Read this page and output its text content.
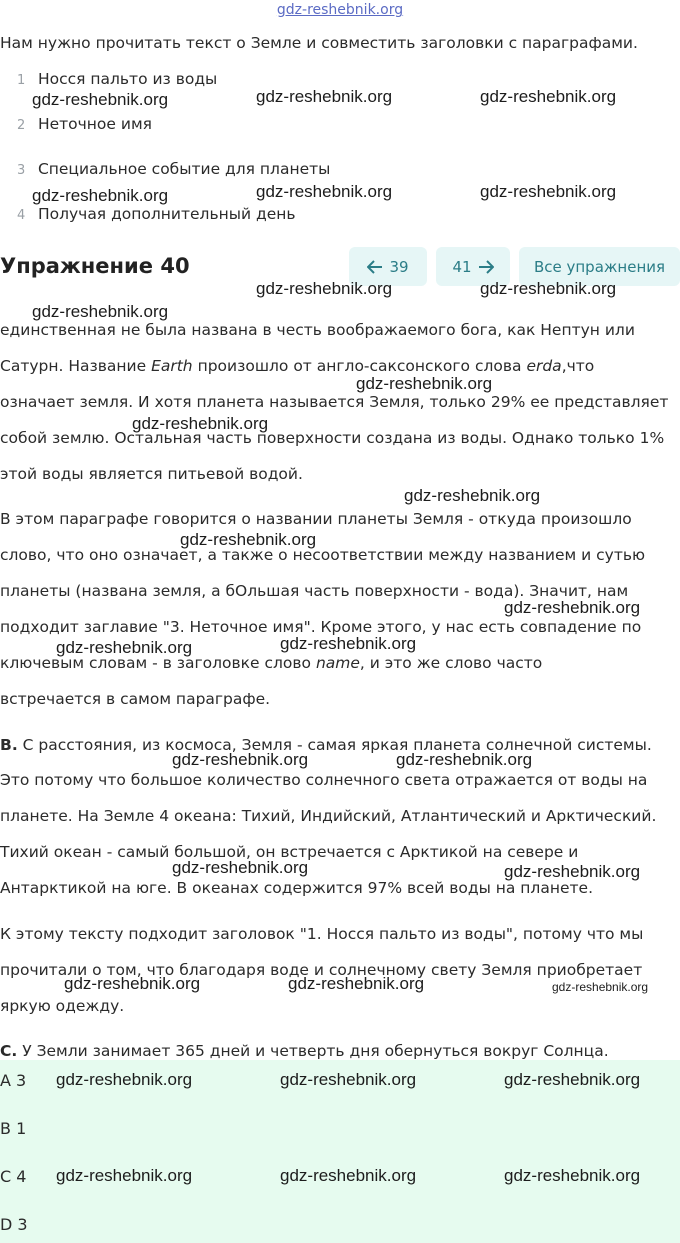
gdz-reshebnik.org
Нам нужно прочитать текст о Земле и совместить заголовки с параграфами.
1 Носся пальто из воды
2 Неточное имя
3 Специальное событие для планеты
4 Получая дополнительный день
Упражнение 40	39	41	Все упражнения
единственная не была названа в честь воображаемого бога, как Нептун или
Сатурн. Название Earth произошло от англо-саксонского слова erda,что
означает земля. И хотя планета называется Земля, только 29% ее представляет
собой землю. Остальная часть поверхности создана из воды. Однако только 1%
этой воды является питьевой водой.
В этом параграфе говорится о названии планеты Земля - откуда произошло
слово, что оно означает, а также о несоответствии между названием и сутью
планеты (названа земля, а бОльшая часть поверхности - вода). Значит, нам
подходит заглавие "3. Неточное имя". Кроме этого, у нас есть совпадение по
ключевым словам - в заголовке слово name, и это же слово часто
встречается в самом параграфе.
B. С расстояния, из космоса, Земля - самая яркая планета солнечной системы.
Это потому что большое количество солнечного света отражается от воды на
планете. На Земле 4 океана: Тихий, Индийский, Атлантический и Арктический.
Тихий океан - самый большой, он встречается с Арктикой на севере и
Антарктикой на юге. В океанах содержится 97% всей воды на планете.
К этому тексту подходит заголовок "1. Носся пальто из воды", потому что мы
прочитали о том, что благодаря воде и солнечному свету Земля приобретает
яркую одежду.
C. У Земли занимает 365 дней и четверть дня обернуться вокруг Солнца.
A 3
B 1
C 4
D 3
gdz-reshebnik.org	gdz-reshebnik.org	gdz-reshebnik.org
gdz-reshebnik.org	gdz-reshebnik.org	gdz-reshebnik.org
gdz-reshebnik.org	gdz-reshebnik.org
gdz-reshebnik.org
gdz-reshebnik.org
gdz-reshebnik.org
gdz-reshebnik.org
gdz-reshebnik.org
gdz-reshebnik.org
gdz-reshebnik.org
gdz-reshebnik.org
gdz-reshebnik.org	gdz-reshebnik.org
gdz-reshebnik.org	gdz-reshebnik.org
gdz-reshebnik.org	gdz-reshebnik.org	gdz-reshebnik.org
gdz-reshebnik.org	gdz-reshebnik.org	gdz-reshebnik.org
gdz-reshebnik.org	gdz-reshebnik.org	gdz-reshebnik.org
